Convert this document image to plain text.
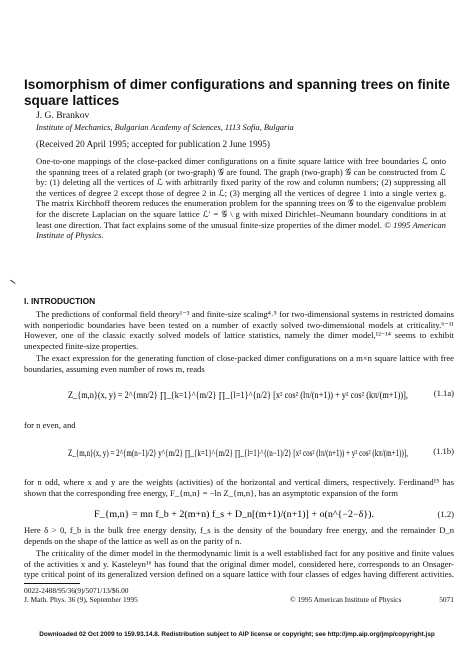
Isomorphism of dimer configurations and spanning trees on finite square lattices

J. G. Brankov

Institute of Mechanics, Bulgarian Academy of Sciences, 1113 Sofia, Bulgaria

(Received 20 April 1995; accepted for publication 2 June 1995)

One-to-one mappings of the close-packed dimer configurations on a finite square lattice with free boundaries ℒ onto the spanning trees of a related graph (or two-graph) 𝒢 are found. The graph (two-graph) 𝒢 can be constructed from ℒ by: (1) deleting all the vertices of ℒ with arbitrarily fixed parity of the row and column numbers; (2) suppressing all the vertices of degree 2 except those of degree 2 in ℒ; (3) merging all the vertices of degree 1 into a single vertex g. The matrix Kirchhoff theorem reduces the enumeration problem for the spanning trees on 𝒢 to the eigenvalue problem for the discrete Laplacian on the square lattice ℒ′ = 𝒢 \ g with mixed Dirichlet–Neumann boundary conditions in at least one direction. That fact explains some of the unusual finite-size properties of the dimer model. © 1995 American Institute of Physics.

I. INTRODUCTION

The predictions of conformal field theory¹⁻³ and finite-size scaling⁴˒⁵ for two-dimensional systems in restricted domains with nonperiodic boundaries have been tested on a number of exactly solved two-dimensional models at criticality.⁶⁻¹¹ However, one of the classic exactly solved models of lattice statistics, namely the dimer model,¹²⁻¹⁴ seems to exhibit unexpected finite-size properties.

The exact expression for the generating function of close-packed dimer configurations on a m×n square lattice with free boundaries, assuming even number of rows m, reads

Z_{m,n}(x, y) = 2^{mn/2} ∏_{k=1}^{m/2} ∏_{l=1}^{n/2} [x² cos² (lπ/(n+1)) + y² cos² (kπ/(m+1))],	(1.1a)

for n even, and

Z_{m,n}(x, y) = 2^{m(n−1)/2} y^{m/2} ∏_{k=1}^{m/2} ∏_{l=1}^{(n−1)/2} [x² cos² (lπ/(n+1)) + y² cos² (kπ/(m+1))],	(1.1b)

for n odd, where x and y are the weights (activities) of the horizontal and vertical dimers, respectively. Ferdinand¹⁵ has shown that the corresponding free energy, F_{m,n} = −ln Z_{m,n}, has an asymptotic expansion of the form

F_{m,n} = mn f_b + 2(m+n) f_s + D_n[(m+1)/(n+1)] + o(n^{−2−δ}).	(1.2)

Here δ > 0, f_b is the bulk free energy density, f_s is the density of the boundary free energy, and the remainder D_n depends on the shape of the lattice as well as on the parity of n.

The criticality of the dimer model in the thermodynamic limit is a well established fact for any positive and finite values of the activities x and y. Kasteleyn¹⁶ has found that the original dimer model, considered here, corresponds to an Onsager-type critical point of its generalized version defined on a square lattice with four classes of edges having different activities.

0022-2488/95/36(9)/5071/13/$6.00
J. Math. Phys. 36 (9), September 1995	© 1995 American Institute of Physics	5071

Downloaded 02 Oct 2009 to 159.93.14.8. Redistribution subject to AIP license or copyright; see http://jmp.aip.org/jmp/copyright.jsp
